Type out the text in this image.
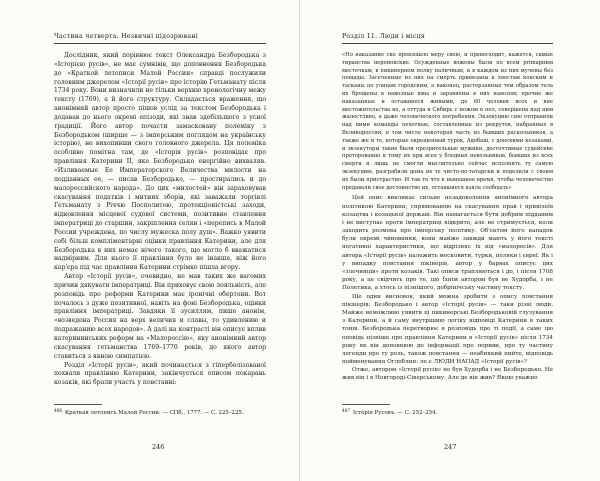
Частина четверта. Незвичні підозрювані

Дослідник, який порівнює текст Олександра Безбородька з «Історією русів», не має сумнівів, що доповнення Безбородька до «Краткой летописи Малой России» справді послужили головним джерелом «Історії русів» про історію Гетьманату після 1734 року. Вони визначили не тільки верхню хронологічну межу тексту (1769), а й його структуру. Складається враження, що анонімний автор просто пішов услід за текстом Безбородька і додавав до нього окремі епізоди, які знав здебільшого з усної традиції. Його автор почасти замасковану полеміку з Безбородьком (ширше — з імперським поглядом на українську історію), не вихопивши свого головного джерела. Ця полеміка особливо помітна там, де «Історія русів» розповідає про правління Катерини II, яке Безбородько енергійно вихваляв. «Изливаемые Ее Императорского Величества милости на подданных ее, — писав Безбородько, — простирались и до малороссийского народа». До цих «милостей» він зараховував скасування податків і митних зборів, які заважали торгівлі Гетьманату з Річчю Посполитою, протекціоністські заходи, відновлення місцевої судової системи, позитивне ставлення імператриці до старшин, закріплення селян і «перепись в Малой России учреждена, по числу мужеска полу душ». Важко уявити собі більш компліментарні оцінки правління Катерини, але для Безбородька в них немає нічого такого, що могло б вважатися надмірним. Для нього її правління було не інакше, ніж його кар'єра під час правління Катерини стрімко пішла вгору.

Автор «Історії русів», очевидно, не мав таких же вагомих причин дякувати імператриці. Він приховує свою лояльність, але розповідь про реформи Катерини має іронічні обертони. Вот почалось з дуже позитивної, навіть на фоні Безбородька, оцінки правління імператриці. Завдяки її зусиллям, пише анонім, «возведена Россия на верх величия и славы, то удивлению и подражанию всех народов». А далі на контрасті він описує вплив катерининських реформ на «Малороссію», яку анонімний автор скасування гетьманства 1769–1770 років, до якого автор ставиться з явною симпатією.

Розділ «Історії русів», який починається з гіперболізованої похвали правлінню Катерини, закінчується описом покарань козаків, які брали участь у повстанні:

$^{486}$ Краткая летопись Малой России. — СПб., 1777. — С. 225–225.
246
Розділ 11. Люди і місця

«Но наказание сие превзошло меру свою, и превосходит, кажется, самые тиранства нероновские. Осужденные вожены были по всем primaрним местечкам, в пикинерном полку наличным, и в каждом из них мучены без пощады. Засеченные из них на смерть привязаны к хвостам конским и тасканы по улицам городским, а наконец, растерзанные тем образом тела их брошены в навозные ямы и заравнены в них навозом; прочие же наказанные и оставшиеся живыми, до 60 человек всех и вне местожительства их, а оттуда в Сибирь с ножом в пол, совершена над ним жалостливо, а даже человеческого погребения. Экзекуцию сию отправили над ними команды пехотные, составленные из рекрутов, набранных в Великороссии, в том числе некоторая часть из бывших раскольников, а также же и те, которые окрещенный турок, Адобаш, с донскими козаками, и экзекуторы такие были презрительные мужики, досточтимые судейские проторованно к тому их при всех у бледных невольников, бывших из всех смерти и лишь не смогли мыслительно сейчас исполнить ту самую экзекуцию, разграбили дома их те чисто-по-татарски и поделили с своим их были пристрастно. И так то что в нынешнее время, чтобы человечество предавали свое достоинство их, оставшиеся взяла сообщать»

Цей опис викликає сильне незадоволення анонімного автора політикою Катерини, спрямованою на скасування прав і привілеїв козацтва і козацької державі. Він намагається бути добрим підданим і не виступає проти імператриці відкрито, але не стримується, коли заходить розмова про імперську політику. Об'єктом його нападок були окремі чиновники, вони майже завжди мають у його тексті негативні характеристики, що відрізняє їх від «малоросів». Для автора «Історії русів» належить московити, турки, поляки і євреї. Як і у випадку повстання пікінерів, автор у барвах описує цих «злочинців» проти козаків. Такі описи трапляються і до, і після 1708 року, а це свідчить про те, що Їхнім автором був не Худорба, і не Полетика, а хтось із пізнішого, добрінічську частину тексту.

Ще один висновок, який можна зробити з опису повстання пікінерів: Безбородько і автор «Історії русів» — таки різні люди. Майже неможливо уявити ці пикинерські Безбородьковій глузування з Катерини, а й саму внутрішню логіку відповіді Катерини в таких тонів. Безбородька перетворює в розповідь про ті події, а саме цю оповідь пізніше про правління Катерини в «Історії русів» після 1734 року як він доповнюю до інформації про пориви, про ту частину легенди про ту роль, також повстання — неабиякий пийте, відповідь пойменування Оглоблин: ле є ЛЮДИ НАПАД «Історії русів»?

Отже, автором «Історії русів» не був Худорба і не Безбородько. Не жив він і в Новгороді-Сіверському. Але де він жив? Якщо уважно

$^{487}$ Історія Русовъ. — С. 252–254.
247
